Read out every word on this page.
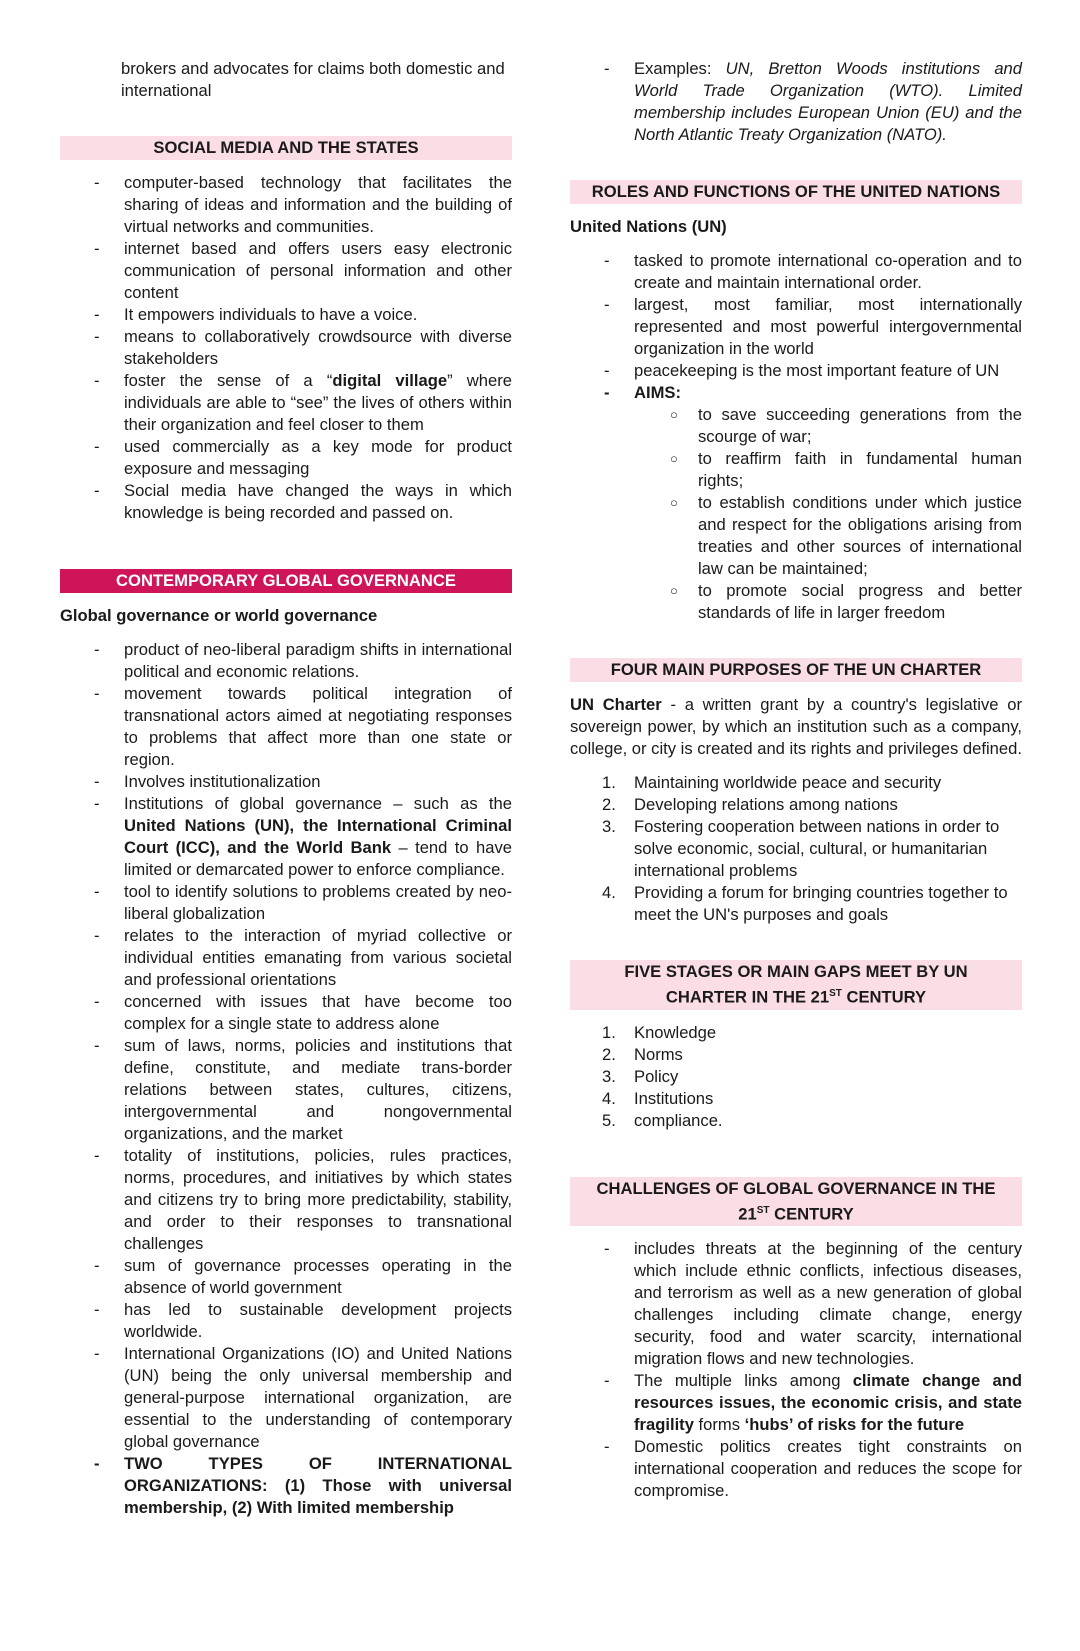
brokers and advocates for claims both domestic and international
SOCIAL MEDIA AND THE STATES
- computer-based technology that facilitates the sharing of ideas and information and the building of virtual networks and communities.
- internet based and offers users easy electronic communication of personal information and other content
- It empowers individuals to have a voice.
- means to collaboratively crowdsource with diverse stakeholders
- foster the sense of a “digital village” where individuals are able to “see” the lives of others within their organization and feel closer to them
- used commercially as a key mode for product exposure and messaging
- Social media have changed the ways in which knowledge is being recorded and passed on.
CONTEMPORARY GLOBAL GOVERNANCE

Global governance or world governance

- product of neo-liberal paradigm shifts in international political and economic relations.
- movement towards political integration of transnational actors aimed at negotiating responses to problems that affect more than one state or region.
- Involves institutionalization
- Institutions of global governance – such as the United Nations (UN), the International Criminal Court (ICC), and the World Bank – tend to have limited or demarcated power to enforce compliance.
- tool to identify solutions to problems created by neo-liberal globalization
- relates to the interaction of myriad collective or individual entities emanating from various societal and professional orientations
- concerned with issues that have become too complex for a single state to address alone
- sum of laws, norms, policies and institutions that define, constitute, and mediate trans-border relations between states, cultures, citizens, intergovernmental and nongovernmental organizations, and the market
- totality of institutions, policies, rules practices, norms, procedures, and initiatives by which states and citizens try to bring more predictability, stability, and order to their responses to transnational challenges
- sum of governance processes operating in the absence of world government
- has led to sustainable development projects worldwide.
- International Organizations (IO) and United Nations (UN) being the only universal membership and general-purpose international organization, are essential to the understanding of contemporary global governance
- TWO TYPES OF INTERNATIONAL ORGANIZATIONS: (1) Those with universal membership, (2) With limited membership
- Examples: UN, Bretton Woods institutions and World Trade Organization (WTO). Limited membership includes European Union (EU) and the North Atlantic Treaty Organization (NATO).
ROLES AND FUNCTIONS OF THE UNITED NATIONS

United Nations (UN)

- tasked to promote international co-operation and to create and maintain international order.
- largest, most familiar, most internationally represented and most powerful intergovernmental organization in the world
- peacekeeping is the most important feature of UN
- AIMS:
○ to save succeeding generations from the scourge of war;
○ to reaffirm faith in fundamental human rights;
○ to establish conditions under which justice and respect for the obligations arising from treaties and other sources of international law can be maintained;
○ to promote social progress and better standards of life in larger freedom
FOUR MAIN PURPOSES OF THE UN CHARTER

UN Charter - a written grant by a country's legislative or sovereign power, by which an institution such as a company, college, or city is created and its rights and privileges defined.

1. Maintaining worldwide peace and security
2. Developing relations among nations
3. Fostering cooperation between nations in order to solve economic, social, cultural, or humanitarian international problems
4. Providing a forum for bringing countries together to meet the UN's purposes and goals
FIVE STAGES OR MAIN GAPS MEET BY UN
CHARTER IN THE 21ST CENTURY
1. Knowledge
2. Norms
3. Policy
4. Institutions
5. compliance.
CHALLENGES OF GLOBAL GOVERNANCE IN THE
21ST CENTURY
- includes threats at the beginning of the century which include ethnic conflicts, infectious diseases, and terrorism as well as a new generation of global challenges including climate change, energy security, food and water scarcity, international migration flows and new technologies.
- The multiple links among climate change and resources issues, the economic crisis, and state fragility forms ‘hubs’ of risks for the future
- Domestic politics creates tight constraints on international cooperation and reduces the scope for compromise.
